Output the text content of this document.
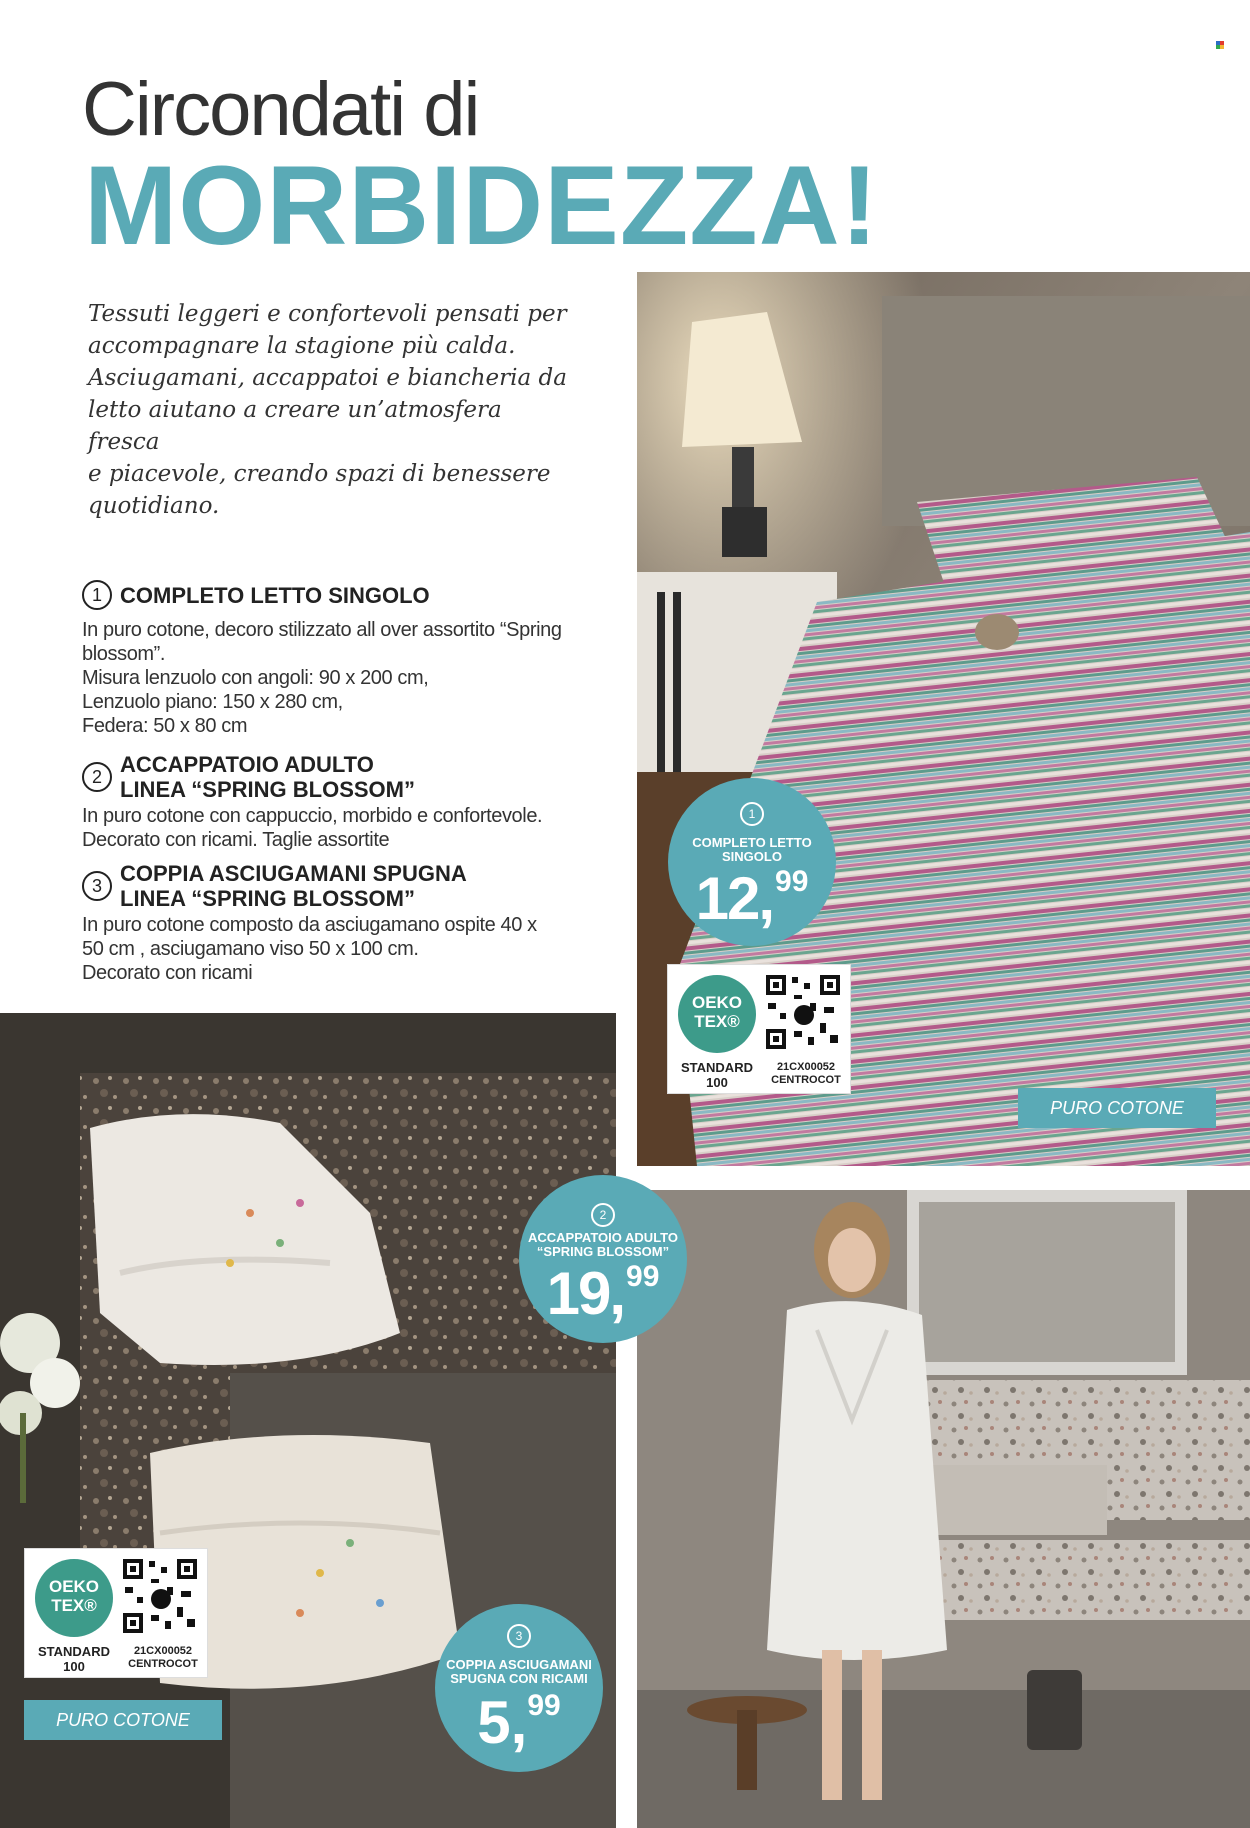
Circondati di
MORBIDEZZA!
Tessuti leggeri e confortevoli pensati per
accompagnare la stagione più calda.
Asciugamani, accappatoi e biancheria da
letto aiutano a creare un’atmosfera fresca
e piacevole, creando spazi di benessere
quotidiano.
1 COMPLETO LETTO SINGOLO
In puro cotone, decoro stilizzato all over assortito “Spring
blossom”.
Misura lenzuolo con angoli: 90 x 200 cm,
Lenzuolo piano: 150 x 280 cm,
Federa: 50 x 80 cm
2 ACCAPPATOIO ADULTO
LINEA “SPRING BLOSSOM”
In puro cotone con cappuccio, morbido e confortevole.
Decorato con ricami. Taglie assortite
3 COPPIA ASCIUGAMANI SPUGNA
LINEA “SPRING BLOSSOM”
In puro cotone composto da asciugamano ospite 40 x
50 cm , asciugamano viso 50 x 100 cm.
Decorato con ricami
1
COMPLETO LETTO
SINGOLO
12,99
2
ACCAPPATOIO ADULTO
“SPRING BLOSSOM”
19,99
3
COPPIA ASCIUGAMANI
SPUGNA CON RICAMI
5,99
OEKO
TEX®
STANDARD
100
21CX00052
CENTROCOT
OEKO
TEX®
STANDARD
100
21CX00052
CENTROCOT
PURO COTONE
PURO COTONE
